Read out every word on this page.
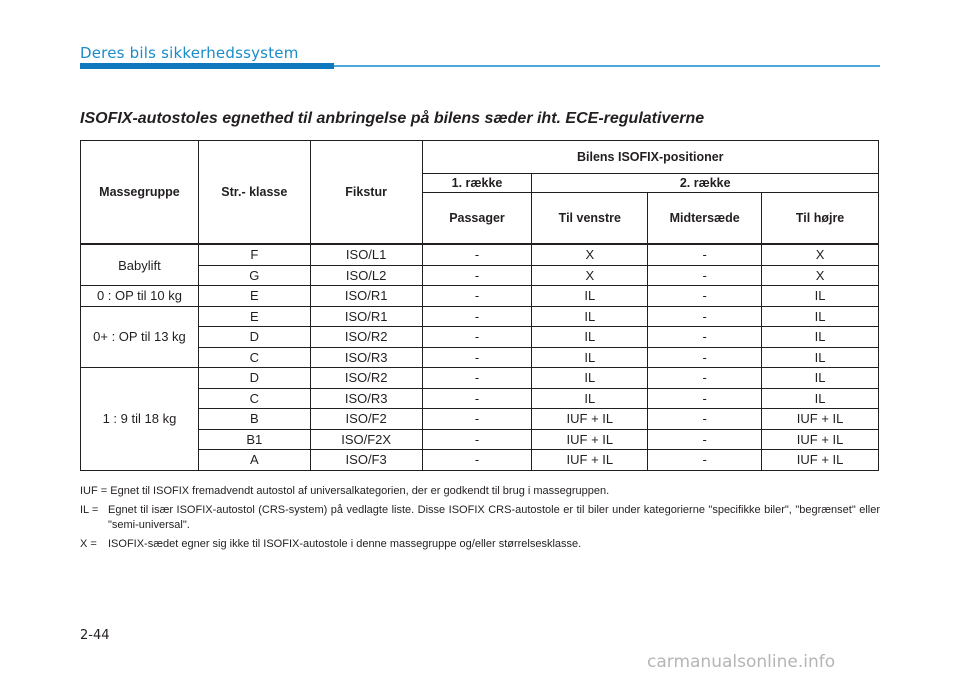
Deres bils sikkerhedssystem
ISOFIX-autostoles egnethed til anbringelse på bilens sæder iht. ECE-regulativerne
Massegruppe	Str.- klasse	Fikstur	Bilens ISOFIX-positioner			
			1. række	2. række		
			Passager	Til venstre	Midtersæde	Til højre
Babylift	F	ISO/L1	-	X	-	X
	G	ISO/L2	-	X	-	X
0 : OP til 10 kg	E	ISO/R1	-	IL	-	IL
0+ : OP til 13 kg	E	ISO/R1	-	IL	-	IL
	D	ISO/R2	-	IL	-	IL
	C	ISO/R3	-	IL	-	IL
1 : 9 til 18 kg	D	ISO/R2	-	IL	-	IL
	C	ISO/R3	-	IL	-	IL
	B	ISO/F2	-	IUF + IL	-	IUF + IL
	B1	ISO/F2X	-	IUF + IL	-	IUF + IL
	A	ISO/F3	-	IUF + IL	-	IUF + IL
IUF = Egnet til ISOFIX fremadvendt autostol af universalkategorien, der er godkendt til brug i massegruppen.
IL = Egnet til især ISOFIX-autostol (CRS-system) på vedlagte liste. Disse ISOFIX CRS-autostole er til biler under kategorierne "specifikke biler", "begrænset" eller "semi-universal".
X = ISOFIX-sædet egner sig ikke til ISOFIX-autostole i denne massegruppe og/eller størrelsesklasse.
2-44
carmanualsonline.info
